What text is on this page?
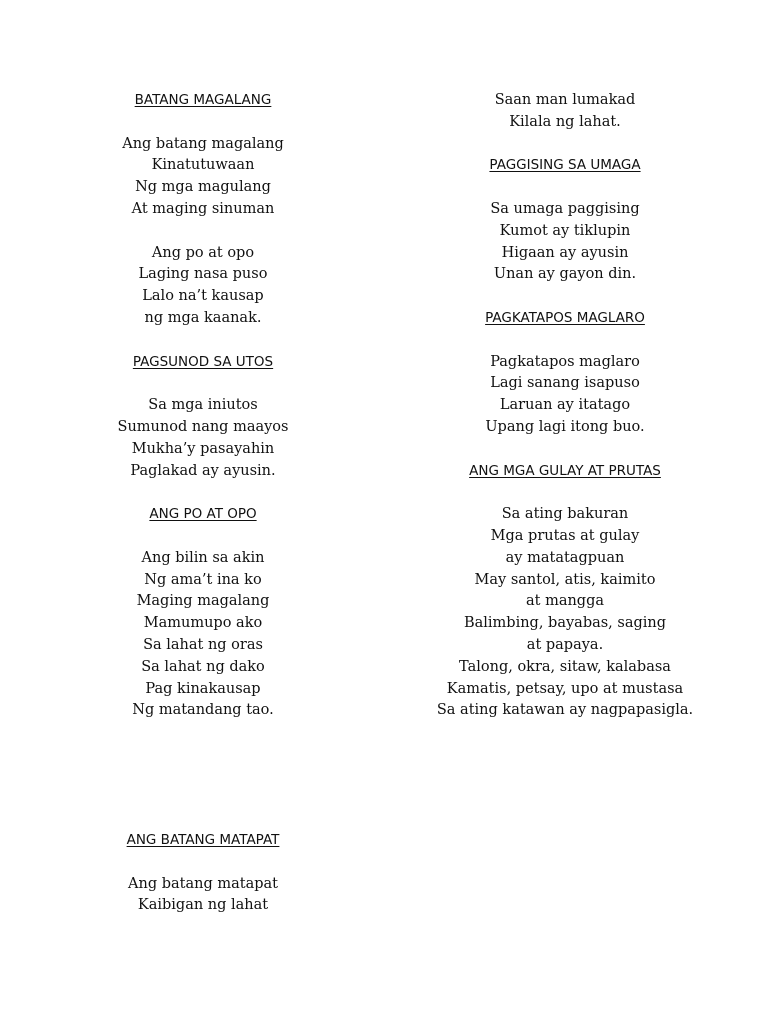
BATANG MAGALANG
Ang batang magalang
Kinatutuwaan
Ng mga magulang
At maging sinuman
Ang po at opo
Laging nasa puso
Lalo na’t kausap
ng mga kaanak.
PAGSUNOD SA UTOS
Sa mga iniutos
Sumunod nang maayos
Mukha’y pasayahin
Paglakad ay ayusin.
ANG PO AT OPO
Ang bilin sa akin
Ng ama’t ina ko
Maging magalang
Mamumupo ako
Sa lahat ng oras
Sa lahat ng dako
Pag kinakausap
Ng matandang tao.
Saan man lumakad
Kilala ng lahat.
PAGGISING SA UMAGA
Sa umaga paggising
Kumot ay tiklupin
Higaan ay ayusin
Unan ay gayon din.
PAGKATAPOS MAGLARO
Pagkatapos maglaro
Lagi sanang isapuso
Laruan ay itatago
Upang lagi itong buo.
ANG MGA GULAY AT PRUTAS
Sa ating bakuran
Mga prutas at gulay
ay matatagpuan
May santol, atis, kaimito
at mangga
Balimbing, bayabas, saging
at papaya.
Talong, okra, sitaw, kalabasa
Kamatis, petsay, upo at mustasa
Sa ating katawan ay nagpapasigla.
ANG BATANG MATAPAT
Ang batang matapat
Kaibigan ng lahat
